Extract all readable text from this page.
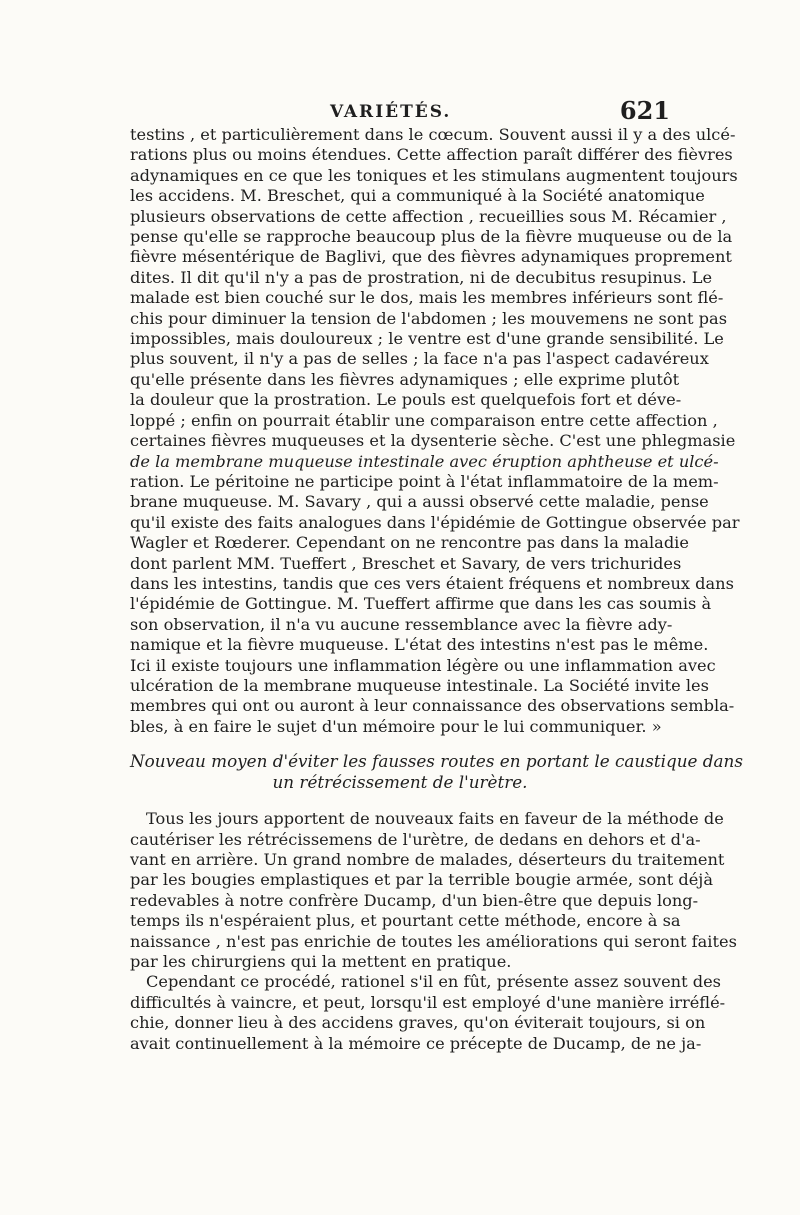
VARIÉTÉS.	621
testins , et particulièrement dans le cœcum. Souvent aussi il y a des ulcé-
rations plus ou moins étendues. Cette affection paraît différer des fièvres
adynamiques en ce que les toniques et les stimulans augmentent toujours
les accidens. M. Breschet, qui a communiqué à la Société anatomique
plusieurs observations de cette affection , recueillies sous M. Récamier ,
pense qu'elle se rapproche beaucoup plus de la fièvre muqueuse ou de la
fièvre mésentérique de Baglivi, que des fièvres adynamiques proprement
dites. Il dit qu'il n'y a pas de prostration, ni de decubitus resupinus. Le
malade est bien couché sur le dos, mais les membres inférieurs sont flé-
chis pour diminuer la tension de l'abdomen ; les mouvemens ne sont pas
impossibles, mais douloureux ; le ventre est d'une grande sensibilité. Le
plus souvent, il n'y a pas de selles ; la face n'a pas l'aspect cadavéreux
qu'elle présente dans les fièvres adynamiques ; elle exprime plutôt
la douleur que la prostration. Le pouls est quelquefois fort et déve-
loppé ; enfin on pourrait établir une comparaison entre cette affection ,
certaines fièvres muqueuses et la dysenterie sèche. C'est une phlegmasie
de la membrane muqueuse intestinale avec éruption aphtheuse et ulcé-
ration. Le péritoine ne participe point à l'état inflammatoire de la mem-
brane muqueuse. M. Savary , qui a aussi observé cette maladie, pense
qu'il existe des faits analogues dans l'épidémie de Gottingue observée par
Wagler et Rœderer. Cependant on ne rencontre pas dans la maladie
dont parlent MM. Tueffert , Breschet et Savary, de vers trichurides
dans les intestins, tandis que ces vers étaient fréquens et nombreux dans
l'épidémie de Gottingue. M. Tueffert affirme que dans les cas soumis à
son observation, il n'a vu aucune ressemblance avec la fièvre ady-
namique et la fièvre muqueuse. L'état des intestins n'est pas le même.
Ici il existe toujours une inflammation légère ou une inflammation avec
ulcération de la membrane muqueuse intestinale. La Société invite les
membres qui ont ou auront à leur connaissance des observations sembla-
bles, à en faire le sujet d'un mémoire pour le lui communiquer. »
Nouveau moyen d'éviter les fausses routes en portant le caustique dans
un rétrécissement de l'urètre.
Tous les jours apportent de nouveaux faits en faveur de la méthode de
cautériser les rétrécissemens de l'urètre, de dedans en dehors et d'a-
vant en arrière. Un grand nombre de malades, déserteurs du traitement
par les bougies emplastiques et par la terrible bougie armée, sont déjà
redevables à notre confrère Ducamp, d'un bien-être que depuis long-
temps ils n'espéraient plus, et pourtant cette méthode, encore à sa
naissance , n'est pas enrichie de toutes les améliorations qui seront faites
par les chirurgiens qui la mettent en pratique.
Cependant ce procédé, rationel s'il en fût, présente assez souvent des
difficultés à vaincre, et peut, lorsqu'il est employé d'une manière irréflé-
chie, donner lieu à des accidens graves, qu'on éviterait toujours, si on
avait continuellement à la mémoire ce précepte de Ducamp, de ne ja-
